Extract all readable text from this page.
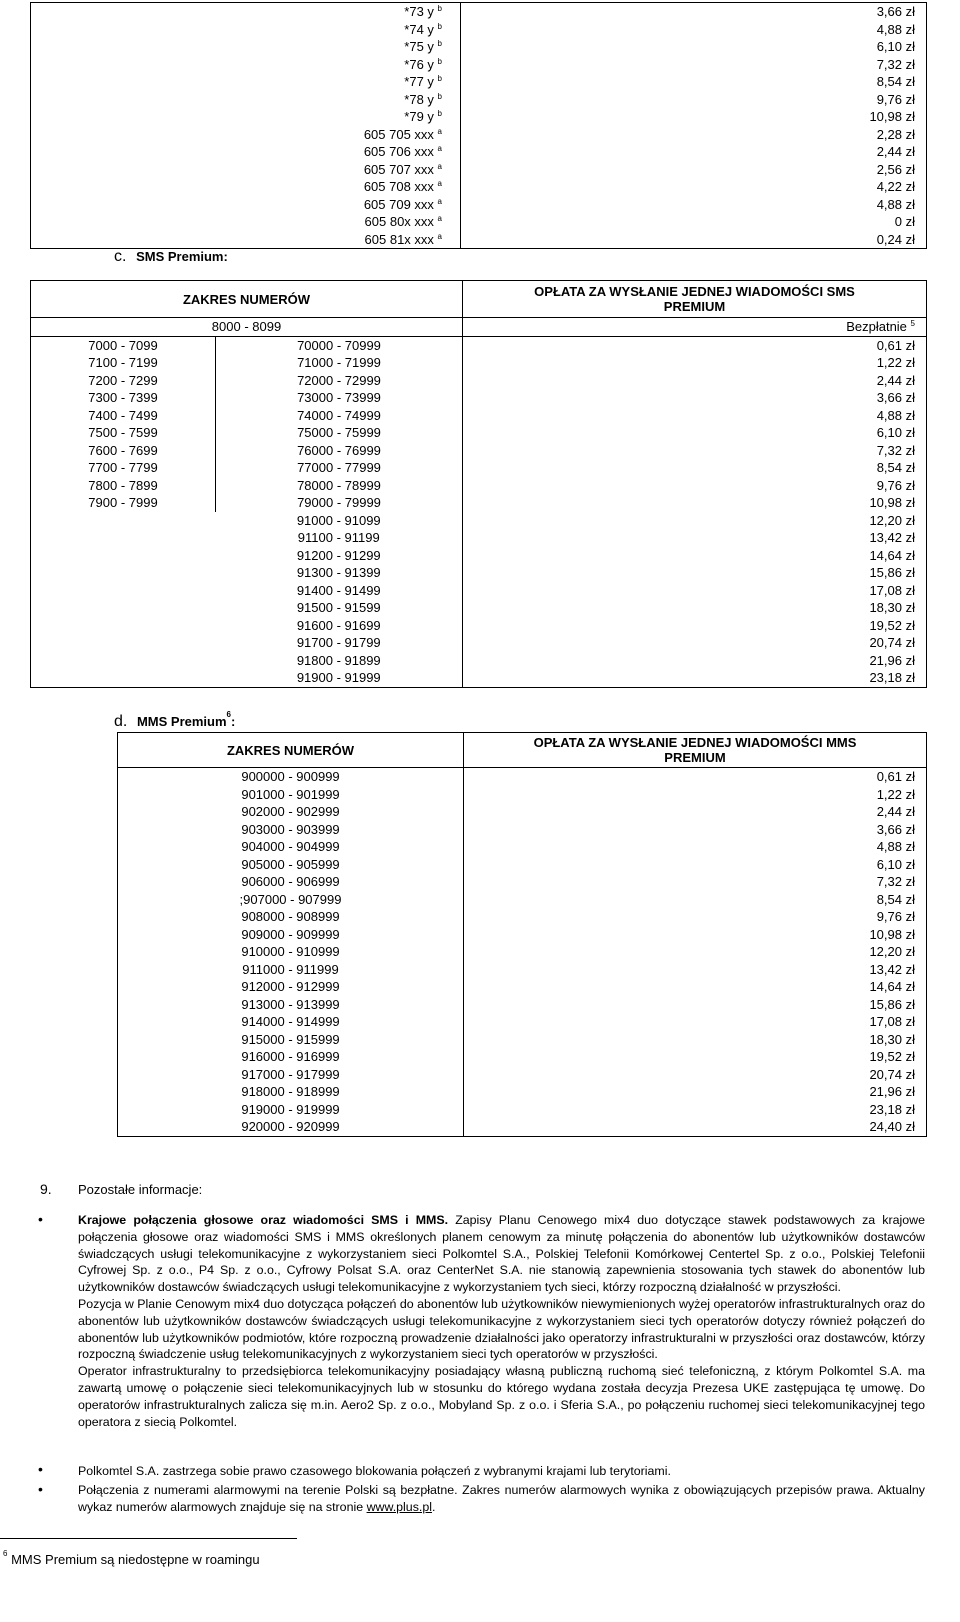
*73 y $^b$	3,66 zł
*74 y $^b$	4,88 zł
*75 y $^b$	6,10 zł
*76 y $^b$	7,32 zł
*77 y $^b$	8,54 zł
*78 y $^b$	9,76 zł
*79 y $^b$	10,98 zł
605 705 xxx $^a$	2,28 zł
605 706 xxx $^a$	2,44 zł
605 707 xxx $^a$	2,56 zł
605 708 xxx $^a$	4,22 zł
605 709 xxx $^a$	4,88 zł
605 80x xxx $^a$	0 zł
605 81x xxx $^a$	0,24 zł
c. SMS Premium:
ZAKRES NUMERÓW		OPŁATA ZA WYSŁANIE JEDNEJ WIADOMOŚCI SMS PREMIUM
8000 - 8099		Bezpłatnie $^5$
7000 - 7099	70000 - 70999	0,61 zł
7100 - 7199	71000 - 71999	1,22 zł
7200 - 7299	72000 - 72999	2,44 zł
7300 - 7399	73000 - 73999	3,66 zł
7400 - 7499	74000 - 74999	4,88 zł
7500 - 7599	75000 - 75999	6,10 zł
7600 - 7699	76000 - 76999	7,32 zł
7700 - 7799	77000 - 77999	8,54 zł
7800 - 7899	78000 - 78999	9,76 zł
7900 - 7999	79000 - 79999	10,98 zł
	91000 - 91099	12,20 zł
	91100 - 91199	13,42 zł
	91200 - 91299	14,64 zł
	91300 - 91399	15,86 zł
	91400 - 91499	17,08 zł
	91500 - 91599	18,30 zł
	91600 - 91699	19,52 zł
	91700 - 91799	20,74 zł
	91800 - 91899	21,96 zł
	91900 - 91999	23,18 zł
d. MMS Premium$^6$:
ZAKRES NUMERÓW	OPŁATA ZA WYSŁANIE JEDNEJ WIADOMOŚCI MMS PREMIUM
900000 - 900999	0,61 zł
901000 - 901999	1,22 zł
902000 - 902999	2,44 zł
903000 - 903999	3,66 zł
904000 - 904999	4,88 zł
905000 - 905999	6,10 zł
906000 - 906999	7,32 zł
;907000 - 907999	8,54 zł
908000 - 908999	9,76 zł
909000 - 909999	10,98 zł
910000 - 910999	12,20 zł
911000 - 911999	13,42 zł
912000 - 912999	14,64 zł
913000 - 913999	15,86 zł
914000 - 914999	17,08 zł
915000 - 915999	18,30 zł
916000 - 916999	19,52 zł
917000 - 917999	20,74 zł
918000 - 918999	21,96 zł
919000 - 919999	23,18 zł
920000 - 920999	24,40 zł
9. Pozostałe informacje:
•	Krajowe połączenia głosowe oraz wiadomości SMS i MMS. Zapisy Planu Cenowego mix4 duo dotyczące stawek podstawowych za krajowe połączenia głosowe oraz wiadomości SMS i MMS określonych planem cenowym za minutę połączenia do abonentów lub użytkowników dostawców świadczących usługi telekomunikacyjne z wykorzystaniem sieci Polkomtel S.A., Polskiej Telefonii Komórkowej Centertel Sp. z o.o., Polskiej Telefonii Cyfrowej Sp. z o.o., P4 Sp. z o.o., Cyfrowy Polsat S.A. oraz CenterNet S.A. nie stanowią zapewnienia stosowania tych stawek do abonentów lub użytkowników dostawców świadczących usługi telekomunikacyjne z wykorzystaniem tych sieci, którzy rozpoczną działalność w przyszłości.
Pozycja w Planie Cenowym mix4 duo dotycząca połączeń do abonentów lub użytkowników niewymienionych wyżej operatorów infrastrukturalnych oraz do abonentów lub użytkowników dostawców świadczących usługi telekomunikacyjne z wykorzystaniem sieci tych operatorów dotyczy również połączeń do abonentów lub użytkowników podmiotów, które rozpoczną prowadzenie działalności jako operatorzy infrastrukturalni w przyszłości oraz dostawców, którzy rozpoczną świadczenie usług telekomunikacyjnych z wykorzystaniem sieci tych operatorów w przyszłości.
Operator infrastrukturalny to przedsiębiorca telekomunikacyjny posiadający własną publiczną ruchomą sieć telefoniczną, z którym Polkomtel S.A. ma zawartą umowę o połączenie sieci telekomunikacyjnych lub w stosunku do którego wydana została decyzja Prezesa UKE zastępująca tę umowę. Do operatorów infrastrukturalnych zalicza się m.in. Aero2 Sp. z o.o., Mobyland Sp. z o.o. i Sferia S.A., po połączeniu ruchomej sieci telekomunikacyjnej tego operatora z siecią Polkomtel.
•	Polkomtel S.A. zastrzega sobie prawo czasowego blokowania połączeń z wybranymi krajami lub terytoriami.
•	Połączenia z numerami alarmowymi na terenie Polski są bezpłatne. Zakres numerów alarmowych wynika z obowiązujących przepisów prawa. Aktualny wykaz numerów alarmowych znajduje się na stronie www.plus.pl.
$^6$ MMS Premium są niedostępne w roamingu
